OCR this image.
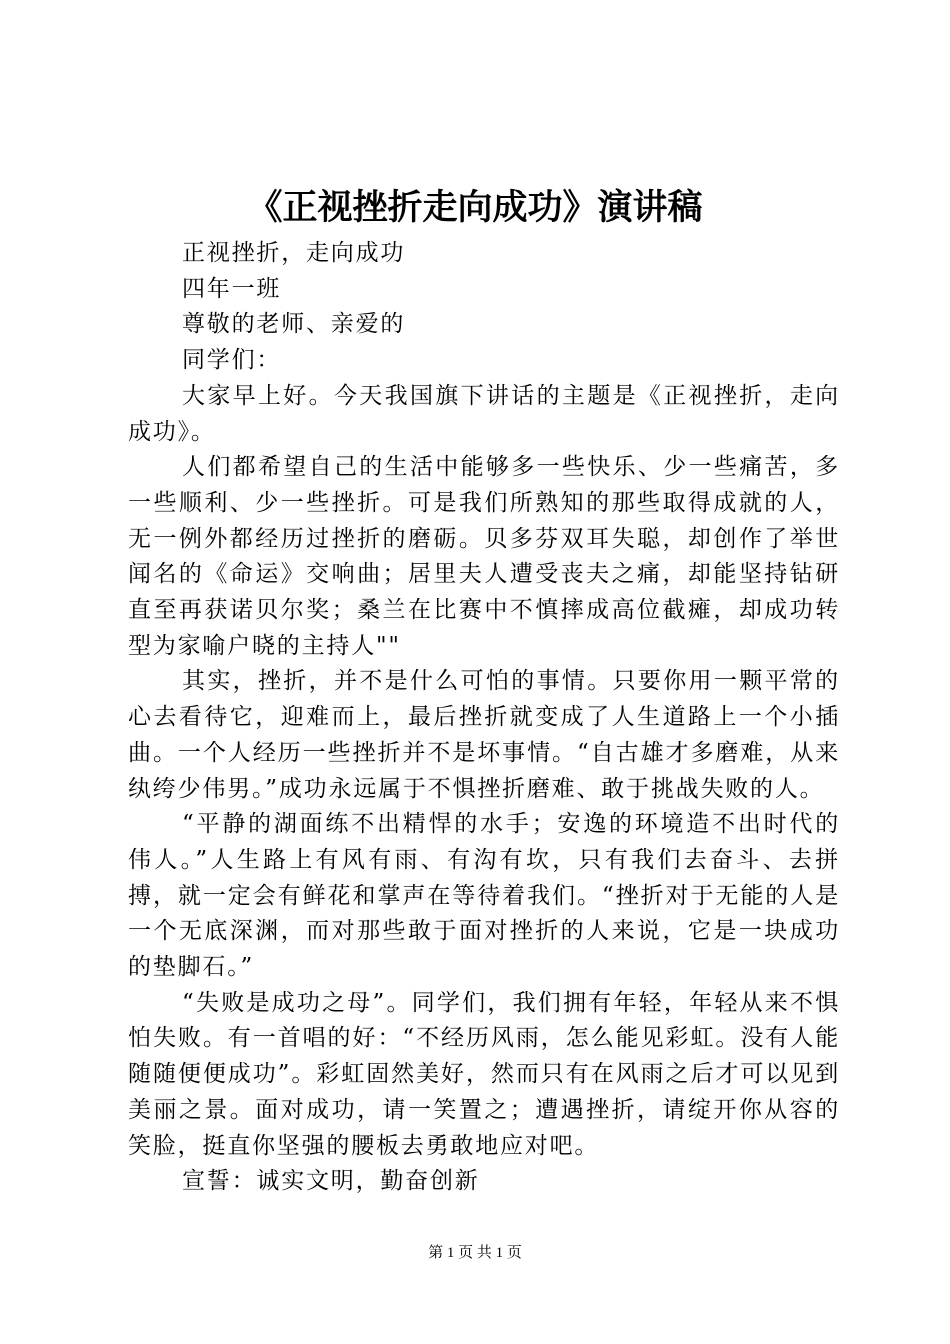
《正视挫折走向成功》演讲稿

正视挫折，走向成功

四年一班

尊敬的老师、亲爱的

同学们：

大家早上好。今天我国旗下讲话的主题是《正视挫折，走向成功》。

人们都希望自己的生活中能够多一些快乐、少一些痛苦，多一些顺利、少一些挫折。可是我们所熟知的那些取得成就的人，无一例外都经历过挫折的磨砺。贝多芬双耳失聪，却创作了举世闻名的《命运》交响曲；居里夫人遭受丧夫之痛，却能坚持钻研直至再获诺贝尔奖；桑兰在比赛中不慎摔成高位截瘫，却成功转型为家喻户晓的主持人""

其实，挫折，并不是什么可怕的事情。只要你用一颗平常的心去看待它，迎难而上，最后挫折就变成了人生道路上一个小插曲。一个人经历一些挫折并不是坏事情。“自古雄才多磨难，从来纨绔少伟男。”成功永远属于不惧挫折磨难、敢于挑战失败的人。

“平静的湖面练不出精悍的水手；安逸的环境造不出时代的伟人。”人生路上有风有雨、有沟有坎，只有我们去奋斗、去拼搏，就一定会有鲜花和掌声在等待着我们。“挫折对于无能的人是一个无底深渊，而对那些敢于面对挫折的人来说，它是一块成功的垫脚石。”

“失败是成功之母”。同学们，我们拥有年轻，年轻从来不惧怕失败。有一首唱的好：“不经历风雨，怎么能见彩虹。没有人能随随便便成功”。彩虹固然美好，然而只有在风雨之后才可以见到美丽之景。面对成功，请一笑置之；遭遇挫折，请绽开你从容的笑脸，挺直你坚强的腰板去勇敢地应对吧。

宣誓：诚实文明，勤奋创新

第 1 页 共 1 页
